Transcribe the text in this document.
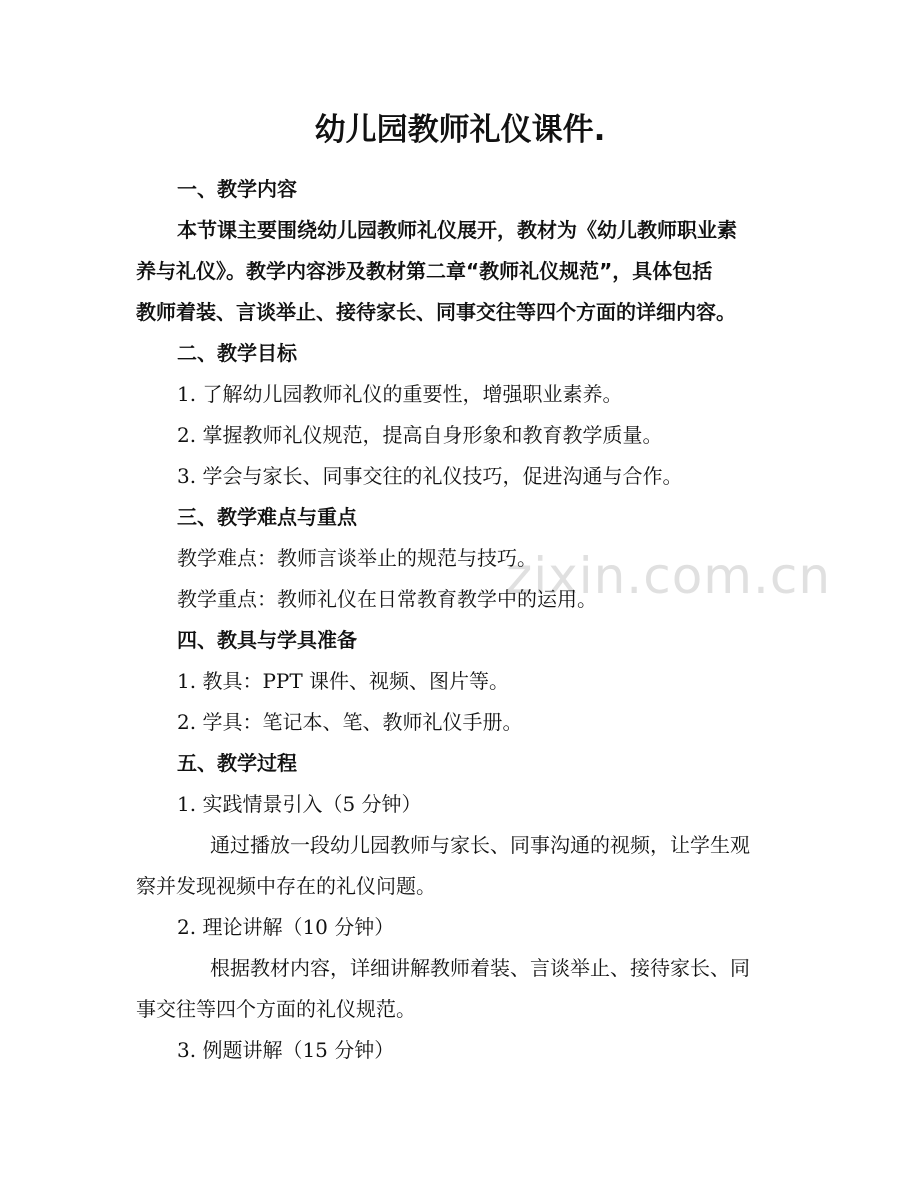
zixin.com.cn
幼儿园教师礼仪课件.
一、教学内容
本节课主要围绕幼儿园教师礼仪展开，教材为《幼儿教师职业素
养与礼仪》。教学内容涉及教材第二章“教师礼仪规范”，具体包括
教师着装、言谈举止、接待家长、同事交往等四个方面的详细内容。
二、教学目标
1. 了解幼儿园教师礼仪的重要性，增强职业素养。
2. 掌握教师礼仪规范，提高自身形象和教育教学质量。
3. 学会与家长、同事交往的礼仪技巧，促进沟通与合作。
三、教学难点与重点
教学难点：教师言谈举止的规范与技巧。
教学重点：教师礼仪在日常教育教学中的运用。
四、教具与学具准备
1. 教具：PPT 课件、视频、图片等。
2. 学具：笔记本、笔、教师礼仪手册。
五、教学过程
1. 实践情景引入（5 分钟）
通过播放一段幼儿园教师与家长、同事沟通的视频，让学生观
察并发现视频中存在的礼仪问题。
2. 理论讲解（10 分钟）
根据教材内容，详细讲解教师着装、言谈举止、接待家长、同
事交往等四个方面的礼仪规范。
3. 例题讲解（15 分钟）
